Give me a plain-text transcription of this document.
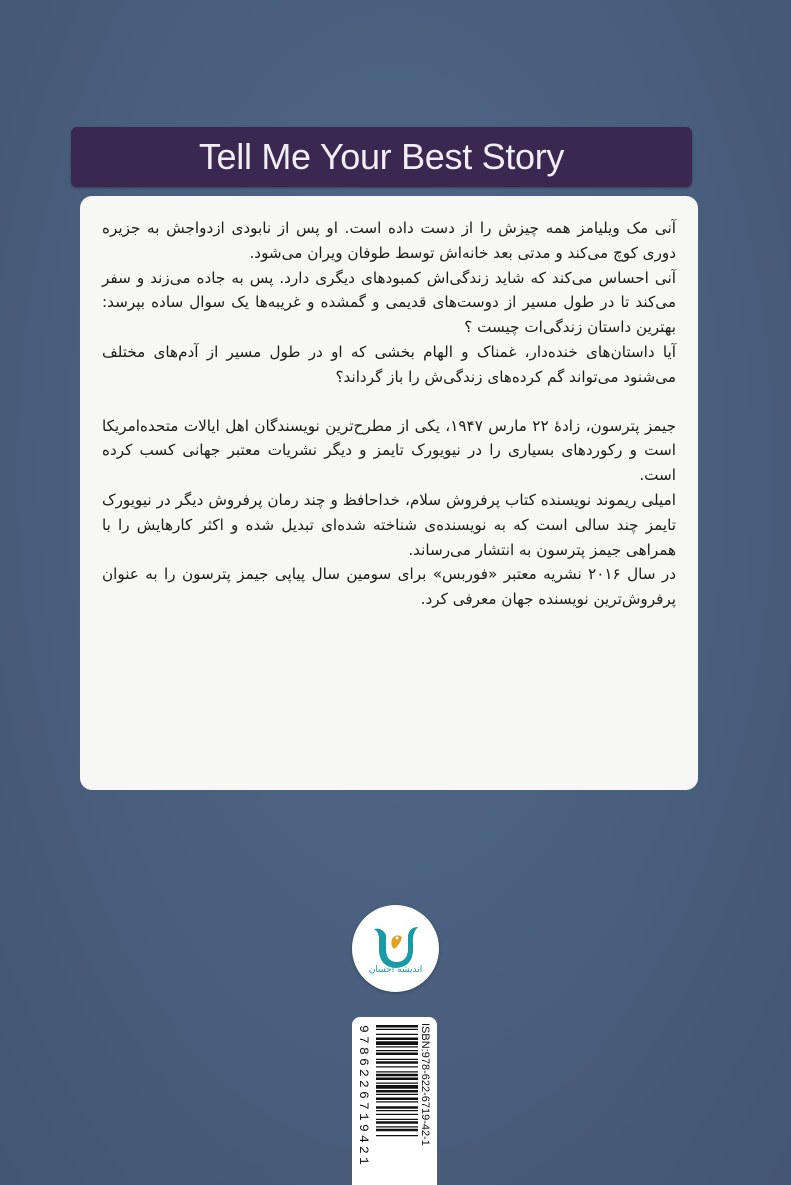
Tell Me Your Best Story

آنی مک ویلیامز همه چیزش را از دست داده است. او پس از نابودی ازدواجش به جزیره دوری کوچ می‌کند و مدتی بعد خانه‌اش توسط طوفان ویران می‌شود.

آنی احساس می‌کند که شاید زندگی‌اش کمبودهای دیگری دارد. پس به جاده می‌زند و سفر می‌کند تا در طول مسیر از دوست‌های قدیمی و گمشده و غریبه‌ها یک سوال ساده بپرسد: بهترین داستان زندگی‌ات چیست ؟

آیا داستان‌های خنده‌دار، غمناک و الهام بخشی که او در طول مسیر از آدم‌های مختلف می‌شنود می‌تواند گم کرده‌های زندگی‌ش را باز گرداند؟

جیمز پترسون، زادهٔ ۲۲ مارس ۱۹۴۷، یکی از مطرح‌ترین نویسندگان اهل ایالات متحده‌امریکا است و رکوردهای بسیاری را در نیویورک تایمز و دیگر نشریات معتبر جهانی کسب کرده است.

امیلی ریموند نویسنده کتاب پرفروش سلام، خداحافظ و چند رمان پرفروش دیگر در نیویورک تایمز چند سالی است که به نویسنده‌ی شناخته شده‌ای تبدیل شده و اکثر کارهایش را با همراهی جیمز پترسون به انتشار می‌رساند.

در سال ۲۰۱۶ نشریه معتبر «فوربس» برای سومین سال پیاپی جیمز پترسون را به عنوان پرفروش‌ترین نویسنده جهان معرفی کرد.

اندیشه احسان
ISBN:978-622-6719-42-1
9786226719421
